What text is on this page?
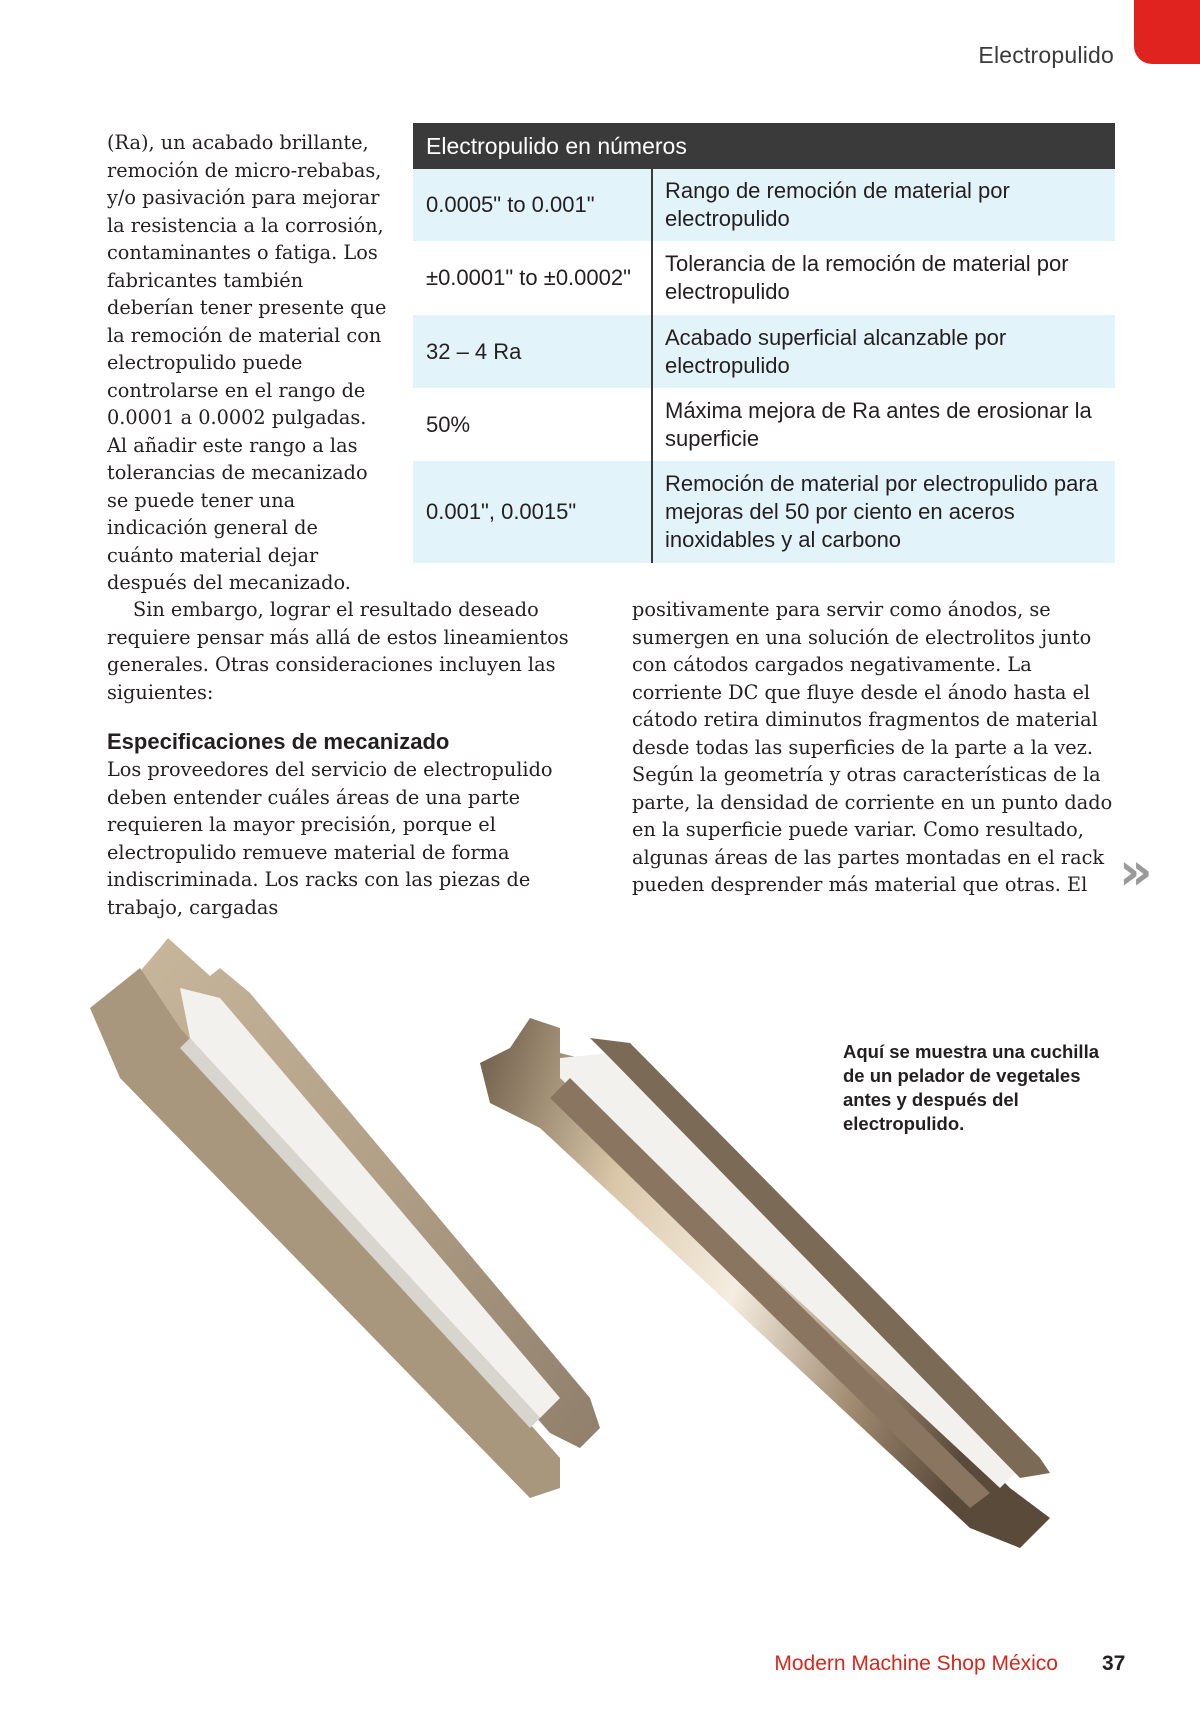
Electropulido

(Ra), un acabado brillante, remoción de micro-rebabas, y/o pasivación para mejorar la resistencia a la corrosión, contaminantes o fatiga. Los fabricantes también deberían tener presente que la remoción de material con electropulido puede controlarse en el rango de 0.0001 a 0.0002 pulgadas. Al añadir este rango a las tolerancias de mecanizado se puede tener una indicación general de cuánto material dejar después del mecanizado.

Electropulido en números
0.0005" to 0.001"
Rango de remoción de material por electropulido
±0.0001" to ±0.0002"
Tolerancia de la remoción de material por electropulido
32 – 4 Ra
Acabado superficial alcanzable por electropulido
50%
Máxima mejora de Ra antes de erosionar la superficie
0.001", 0.0015"
Remoción de material por electropulido para mejoras del 50 por ciento en aceros inoxidables y al carbono

Sin embargo, lograr el resultado deseado requiere pensar más allá de estos lineamientos generales. Otras consideraciones incluyen las siguientes:

Especificaciones de mecanizado

Los proveedores del servicio de electropulido deben entender cuáles áreas de una parte requieren la mayor precisión, porque el electropulido remueve material de forma indiscriminada. Los racks con las piezas de trabajo, cargadas

positivamente para servir como ánodos, se sumergen en una solución de electrolitos junto con cátodos cargados negativamente. La corriente DC que fluye desde el ánodo hasta el cátodo retira diminutos fragmentos de material desde todas las superficies de la parte a la vez. Según la geometría y otras características de la parte, la densidad de corriente en un punto dado en la superficie puede variar. Como resultado, algunas áreas de las partes montadas en el rack pueden desprender más material que otras. El »
Aquí se muestra una cuchilla de un pelador de vegetales antes y después del electropulido.
Modern Machine Shop México 37
